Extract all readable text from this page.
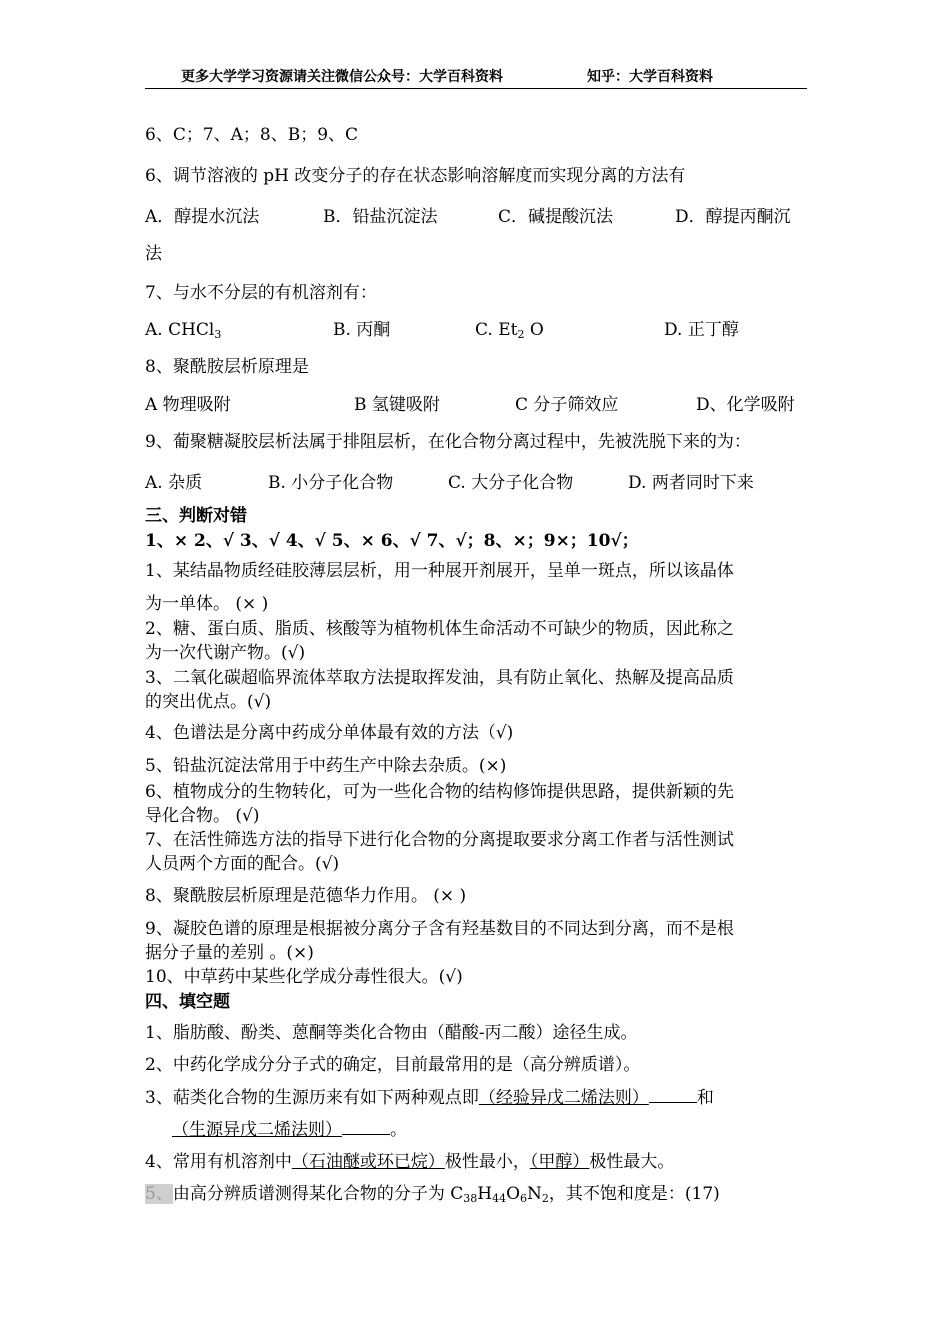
更多大学学习资源请关注微信公众号：大学百科资料	知乎：大学百科资料
6、C；7、A；8、B；9、C
6、调节溶液的 pH 改变分子的存在状态影响溶解度而实现分离的方法有
A．醇提水沉法	B．铅盐沉淀法	C．碱提酸沉法	D．醇提丙酮沉
法
7、与水不分层的有机溶剂有：
A. CHCl$_3$	B. 丙酮	C. $Et_2$ O	D. 正丁醇
8、聚酰胺层析原理是
A 物理吸附	B 氢键吸附	C 分子筛效应	D、化学吸附
9、葡聚糖凝胶层析法属于排阻层析，在化合物分离过程中，先被洗脱下来的为：
A. 杂质	B. 小分子化合物	C. 大分子化合物	D. 两者同时下来
三、判断对错
1、× 2、√ 3、√ 4、√ 5、× 6、√ 7、√；8、×；9×；10√；
1、某结晶物质经硅胶薄层层析，用一种展开剂展开，呈单一斑点，所以该晶体
为一单体。 (× )
2、糖、蛋白质、脂质、核酸等为植物机体生命活动不可缺少的物质，因此称之
为一次代谢产物。(√)
3、二氧化碳超临界流体萃取方法提取挥发油，具有防止氧化、热解及提高品质
的突出优点。(√)
4、色谱法是分离中药成分单体最有效的方法（√)
5、铅盐沉淀法常用于中药生产中除去杂质。(×)
6、植物成分的生物转化，可为一些化合物的结构修饰提供思路，提供新颖的先
导化合物。 (√)
7、在活性筛选方法的指导下进行化合物的分离提取要求分离工作者与活性测试
人员两个方面的配合。(√)
8、聚酰胺层析原理是范德华力作用。 (× )
9、凝胶色谱的原理是根据被分离分子含有羟基数目的不同达到分离，而不是根
据分子量的差别 。(×)
10、中草药中某些化学成分毒性很大。(√)
四、填空题
1、脂肪酸、酚类、蒽酮等类化合物由（醋酸-丙二酸）途径生成。
2、中药化学成分分子式的确定，目前最常用的是（高分辨质谱）。
3、萜类化合物的生源历来有如下两种观点即（经验异戊二烯法则）	和
（生源异戊二烯法则）	。
4、常用有机溶剂中（石油醚或环已烷）极性最小，（甲醇）极性最大。
5、由高分辨质谱测得某化合物的分子为 $C_{38}H_{44}O_6N_2$，其不饱和度是：(17)
